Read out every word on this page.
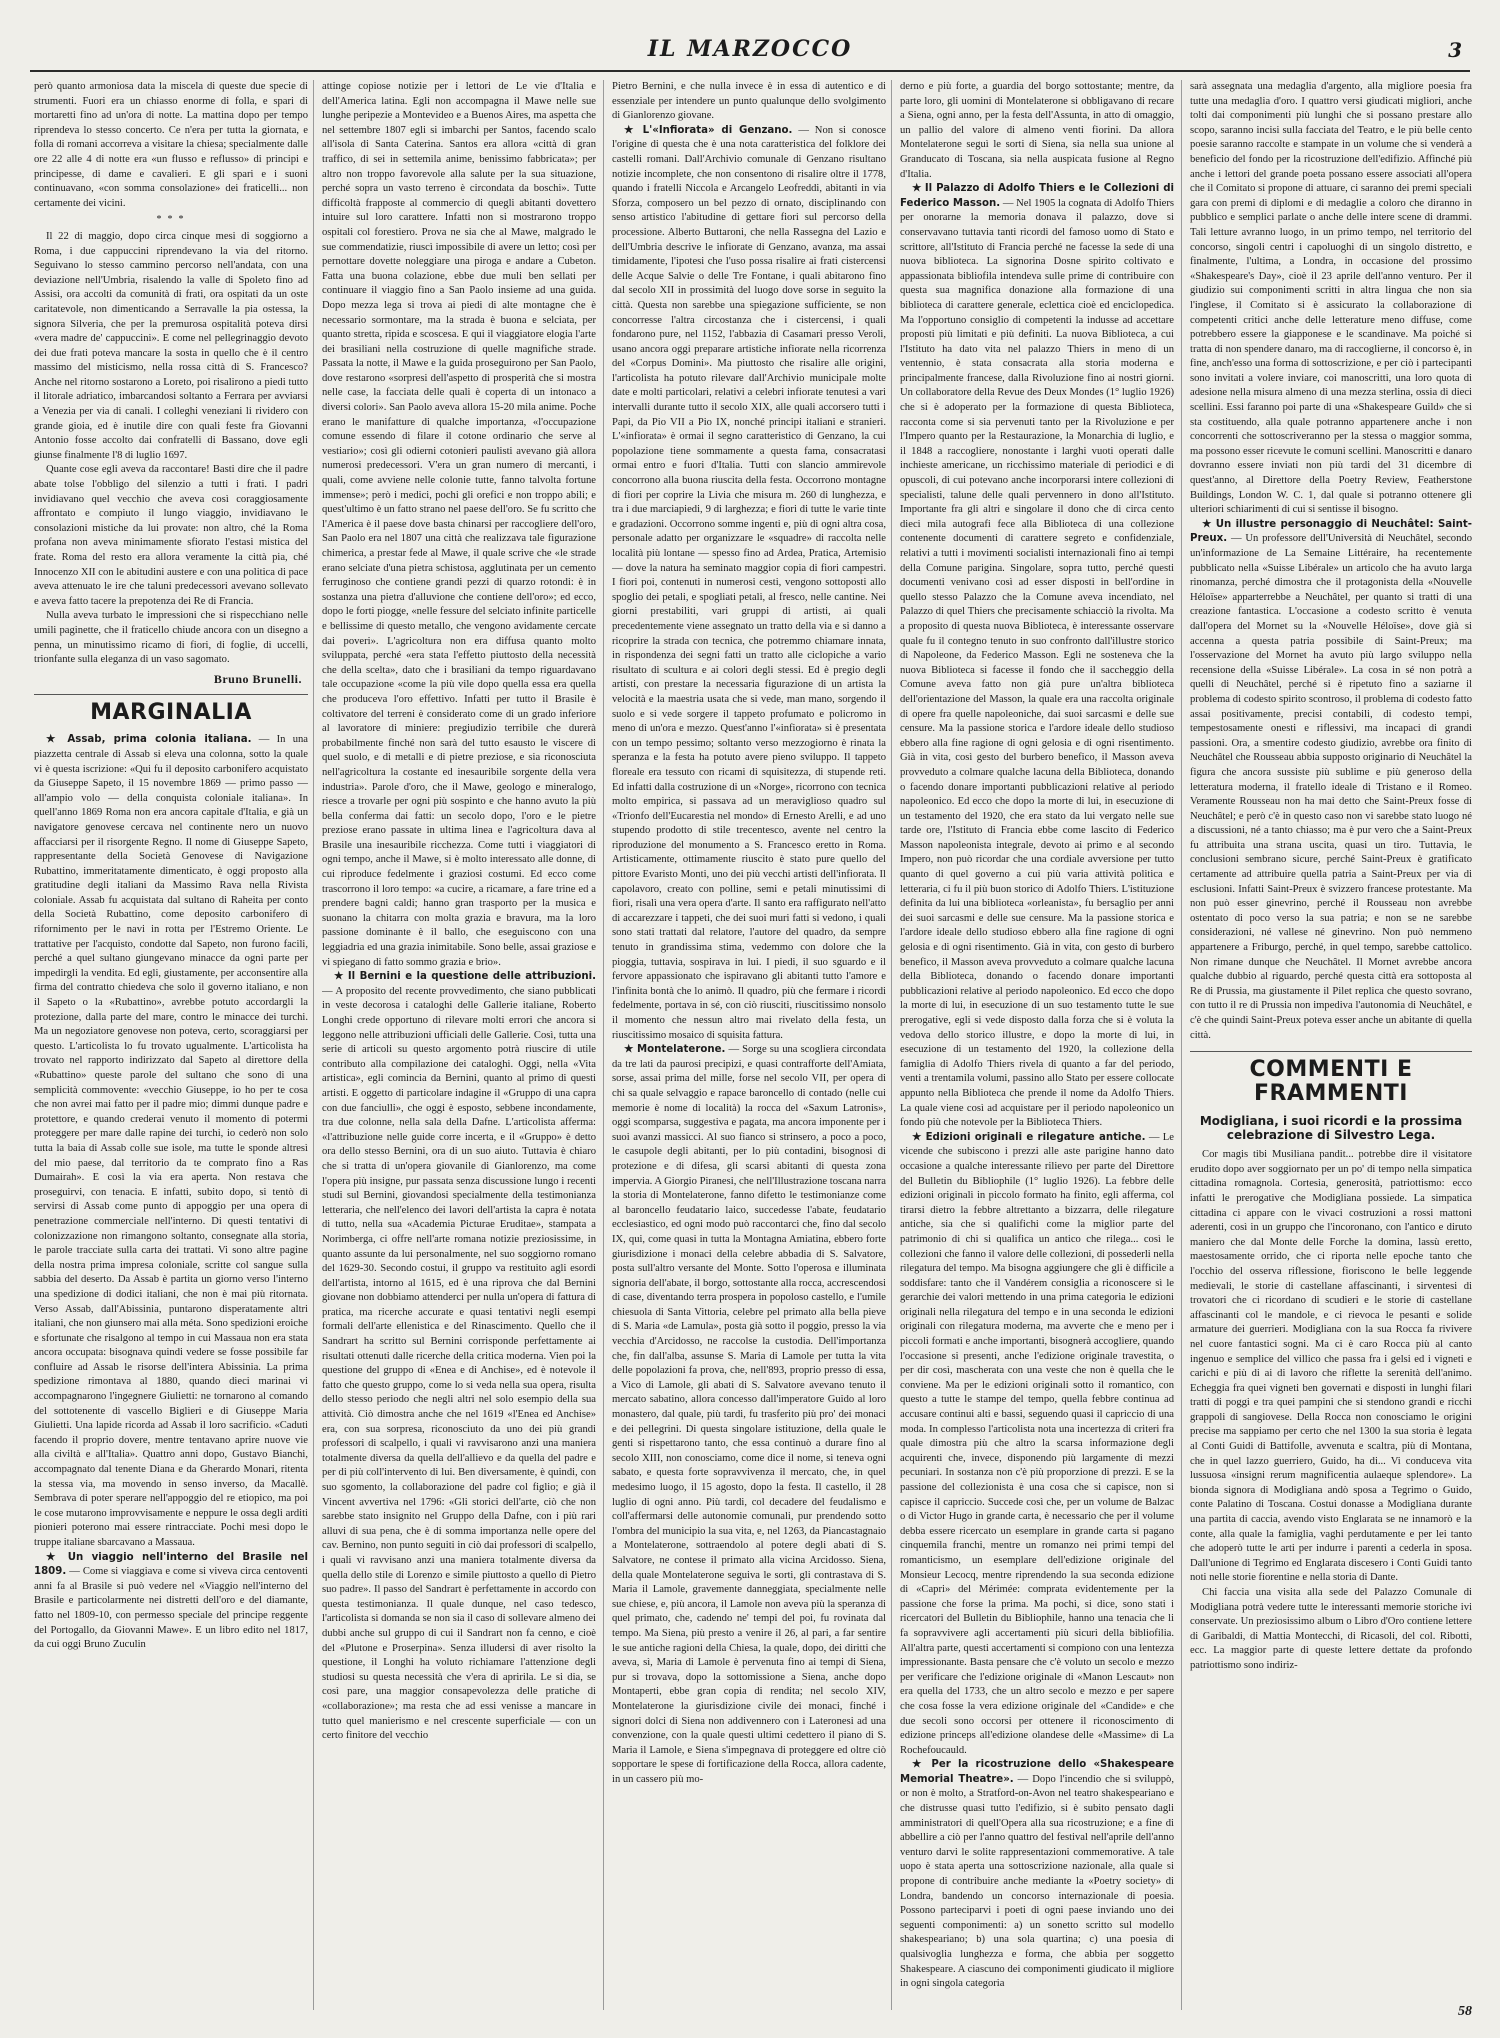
IL MARZOCCO	3

però quanto armoniosa data la miscela di queste due specie di strumenti. Fuori era un chiasso enorme di folla, e spari di mortaretti fino ad un'ora di notte. La mattina dopo per tempo riprendeva lo stesso concerto. Ce n'era per tutta la giornata, e folla di romani accorreva a visitare la chiesa; specialmente dalle ore 22 alle 4 di notte era «un flusso e reflusso» di principi e principesse, di dame e cavalieri. E gli spari e i suoni continuavano, «con somma consolazione» dei fraticelli... non certamente dei vicini.

* * *

Il 22 di maggio, dopo circa cinque mesi di soggiorno a Roma, i due cappuccini riprendevano la via del ritorno. Seguivano lo stesso cammino percorso nell'andata, con una deviazione nell'Umbria, risalendo la valle di Spoleto fino ad Assisi, ora accolti da comunità di frati, ora ospitati da un oste caritatevole, non dimenticando a Serravalle la pia ostessa, la signora Silveria, che per la premurosa ospitalità poteva dirsi «vera madre de' cappuccini». E come nel pellegrinaggio devoto dei due frati poteva mancare la sosta in quello che è il centro massimo del misticismo, nella rossa città di S. Francesco? Anche nel ritorno sostarono a Loreto, poi risalirono a piedi tutto il litorale adriatico, imbarcandosi soltanto a Ferrara per avviarsi a Venezia per via di canali. I colleghi veneziani li rividero con grande gioia, ed è inutile dire con quali feste fra Giovanni Antonio fosse accolto dai confratelli di Bassano, dove egli giunse finalmente l'8 di luglio 1697.

Quante cose egli aveva da raccontare! Basti dire che il padre abate tolse l'obbligo del silenzio a tutti i frati. I padri invidiavano quel vecchio che aveva così coraggiosamente affrontato e compiuto il lungo viaggio, invidiavano le consolazioni mistiche da lui provate: non altro, ché la Roma profana non aveva minimamente sfiorato l'estasi mistica del frate. Roma del resto era allora veramente la città pia, ché Innocenzo XII con le abitudini austere e con una politica di pace aveva attenuato le ire che taluni predecessori avevano sollevato e aveva fatto tacere la prepotenza dei Re di Francia.

Nulla aveva turbato le impressioni che si rispecchiano nelle umili paginette, che il fraticello chiude ancora con un disegno a penna, un minutissimo ricamo di fiori, di foglie, di uccelli, trionfante sulla eleganza di un vaso sagomato.

Bruno Brunelli.
MARGINALIA

★ Assab, prima colonia italiana. — In una piazzetta centrale di Assab si eleva una colonna, sotto la quale vi è questa iscrizione: «Qui fu il deposito carbonifero acquistato da Giuseppe Sapeto, il 15 novembre 1869 — primo passo — all'ampio volo — della conquista coloniale italiana». In quell'anno 1869 Roma non era ancora capitale d'Italia, e già un navigatore genovese cercava nel continente nero un nuovo affacciarsi per il risorgente Regno. Il nome di Giuseppe Sapeto, rappresentante della Società Genovese di Navigazione Rubattino, immeritatamente dimenticato, è oggi proposto alla gratitudine degli italiani da Massimo Rava nella Rivista coloniale. Assab fu acquistata dal sultano di Raheita per conto della Società Rubattino, come deposito carbonifero di rifornimento per le navi in rotta per l'Estremo Oriente. Le trattative per l'acquisto, condotte dal Sapeto, non furono facili, perché a quel sultano giungevano minacce da ogni parte per impedirgli la vendita. Ed egli, giustamente, per acconsentire alla firma del contratto chiedeva che solo il governo italiano, e non il Sapeto o la «Rubattino», avrebbe potuto accordargli la protezione, dalla parte del mare, contro le minacce dei turchi. Ma un negoziatore genovese non poteva, certo, scoraggiarsi per questo. L'articolista lo fu trovato ugualmente. L'articolista ha trovato nel rapporto indirizzato dal Sapeto al direttore della «Rubattino» queste parole del sultano che sono di una semplicità commovente: «vecchio Giuseppe, io ho per te cosa che non avrei mai fatto per il padre mio; dimmi dunque padre e protettore, e quando crederai venuto il momento di potermi proteggere per mare dalle rapine dei turchi, io cederò non solo tutta la baia di Assab colle sue isole, ma tutte le sponde altresì del mio paese, dal territorio da te comprato fino a Ras Dumairah». E così la via era aperta. Non restava che proseguirvi, con tenacia. E infatti, subito dopo, si tentò di servirsi di Assab come punto di appoggio per una opera di penetrazione commerciale nell'interno. Di questi tentativi di colonizzazione non rimangono soltanto, consegnate alla storia, le parole tracciate sulla carta dei trattati. Vi sono altre pagine della nostra prima impresa coloniale, scritte col sangue sulla sabbia del deserto. Da Assab è partita un giorno verso l'interno una spedizione di dodici italiani, che non è mai più ritornata. Verso Assab, dall'Abissinia, puntarono disperatamente altri italiani, che non giunsero mai alla méta. Sono spedizioni eroiche e sfortunate che risalgono al tempo in cui Massaua non era stata ancora occupata: bisognava quindi vedere se fosse possibile far confluire ad Assab le risorse dell'intera Abissinia. La prima spedizione rimontava al 1880, quando dieci marinai vi accompagnarono l'ingegnere Giulietti: ne tornarono al comando del sottotenente di vascello Biglieri e di Giuseppe Maria Giulietti. Una lapide ricorda ad Assab il loro sacrificio. «Caduti facendo il proprio dovere, mentre tentavano aprire nuove vie alla civiltà e all'Italia». Quattro anni dopo, Gustavo Bianchi, accompagnato dal tenente Diana e da Gherardo Monari, ritenta la stessa via, ma movendo in senso inverso, da Macallè. Sembrava di poter sperare nell'appoggio del re etiopico, ma poi le cose mutarono improvvisamente e neppure le ossa degli arditi pionieri poterono mai essere rintracciate. Pochi mesi dopo le truppe italiane sbarcavano a Massaua.

★ Un viaggio nell'interno del Brasile nel 1809. — Come si viaggiava e come si viveva circa centoventi anni fa al Brasile si può vedere nel «Viaggio nell'interno del Brasile e particolarmente nei distretti dell'oro e del diamante, fatto nel 1809-10, con permesso speciale del principe reggente del Portogallo, da Giovanni Mawe». E un libro edito nel 1817, da cui oggi Bruno Zuculin

attinge copiose notizie per i lettori de Le vie d'Italia e dell'America latina. Egli non accompagna il Mawe nelle sue lunghe peripezie a Montevideo e a Buenos Aires, ma aspetta che nel settembre 1807 egli si imbarchi per Santos, facendo scalo all'isola di Santa Caterina. Santos era allora «città di gran traffico, di sei in settemila anime, benissimo fabbricata»; per altro non troppo favorevole alla salute per la sua situazione, perché sopra un vasto terreno è circondata da boschi». Tutte difficoltà frapposte al commercio di quegli abitanti dovettero intuire sul loro carattere. Infatti non si mostrarono troppo ospitali col forestiero. Prova ne sia che al Mawe, malgrado le sue commendatizie, riuscì impossibile di avere un letto; così per pernottare dovette noleggiare una piroga e andare a Cubeton. Fatta una buona colazione, ebbe due muli ben sellati per continuare il viaggio fino a San Paolo insieme ad una guida. Dopo mezza lega si trova ai piedi di alte montagne che è necessario sormontare, ma la strada è buona e selciata, per quanto stretta, ripida e scoscesa. E qui il viaggiatore elogia l'arte dei brasiliani nella costruzione di quelle magnifiche strade. Passata la notte, il Mawe e la guida proseguirono per San Paolo, dove restarono «sorpresi dell'aspetto di prosperità che si mostra nelle case, la facciata delle quali è coperta di un intonaco a diversi colori». San Paolo aveva allora 15-20 mila anime. Poche erano le manifatture di qualche importanza, «l'occupazione comune essendo di filare il cotone ordinario che serve al vestiario»; così gli odierni cotonieri paulisti avevano già allora numerosi predecessori. V'era un gran numero di mercanti, i quali, come avviene nelle colonie tutte, fanno talvolta fortune immense»; però i medici, pochi gli orefici e non troppo abili; e quest'ultimo è un fatto strano nel paese dell'oro. Se fu scritto che l'America è il paese dove basta chinarsi per raccogliere dell'oro, San Paolo era nel 1807 una città che realizzava tale figurazione chimerica, a prestar fede al Mawe, il quale scrive che «le strade erano selciate d'una pietra schistosa, agglutinata per un cemento ferruginoso che contiene grandi pezzi di quarzo rotondi: è in sostanza una pietra d'alluvione che contiene dell'oro»; ed ecco, dopo le forti piogge, «nelle fessure del selciato infinite particelle e bellissime di questo metallo, che vengono avidamente cercate dai poveri». L'agricoltura non era diffusa quanto molto sviluppata, perché «era stata l'effetto piuttosto della necessità che della scelta», dato che i brasiliani da tempo riguardavano tale occupazione «come la più vile dopo quella essa era quella che produceva l'oro effettivo. Infatti per tutto il Brasile è coltivatore del terreni è considerato come di un grado inferiore al lavoratore di miniere: pregiudizio terribile che durerà probabilmente finché non sarà del tutto esausto le viscere di quel suolo, e di metalli e di pietre preziose, e sia riconosciuta nell'agricoltura la costante ed inesauribile sorgente della vera industria». Parole d'oro, che il Mawe, geologo e mineralogo, riesce a trovarle per ogni più sospinto e che hanno avuto la più bella conferma dai fatti: un secolo dopo, l'oro e le pietre preziose erano passate in ultima linea e l'agricoltura dava al Brasile una inesauribile ricchezza. Come tutti i viaggiatori di ogni tempo, anche il Mawe, si è molto interessato alle donne, di cui riproduce fedelmente i graziosi costumi. Ed ecco come trascorrono il loro tempo: «a cucire, a ricamare, a fare trine ed a prendere bagni caldi; hanno gran trasporto per la musica e suonano la chitarra con molta grazia e bravura, ma la loro passione dominante è il ballo, che eseguiscono con una leggiadria ed una grazia inimitabile. Sono belle, assai graziose e vi spiegano di fatto sommo grazia e brio».

★ Il Bernini e la questione delle attribuzioni. — A proposito del recente provvedimento, che siano pubblicati in veste decorosa i cataloghi delle Gallerie italiane, Roberto Longhi crede opportuno di rilevare molti errori che ancora si leggono nelle attribuzioni ufficiali delle Gallerie. Così, tutta una serie di articoli su questo argomento potrà riuscire di utile contributo alla compilazione dei cataloghi. Oggi, nella «Vita artistica», egli comincia da Bernini, quanto al primo di questi artisti. E oggetto di particolare indagine il «Gruppo di una capra con due fanciulli», che oggi è esposto, sebbene incondamente, tra due colonne, nella sala della Dafne. L'articolista afferma: «l'attribuzione nelle guide corre incerta, e il «Gruppo» è detto ora dello stesso Bernini, ora di un suo aiuto. Tuttavia è chiaro che si tratta di un'opera giovanile di Gianlorenzo, ma come l'opera più insigne, pur passata senza discussione lungo i recenti studi sul Bernini, giovandosi specialmente della testimonianza letteraria, che nell'elenco dei lavori dell'artista la capra è notata di tutto, nella sua «Academia Picturae Eruditae», stampata a Norimberga, ci offre nell'arte romana notizie preziosissime, in quanto assunte da lui personalmente, nel suo soggiorno romano del 1629-30. Secondo costui, il gruppo va restituito agli esordi dell'artista, intorno al 1615, ed è una riprova che dal Bernini giovane non dobbiamo attenderci per nulla un'opera di fattura di pratica, ma ricerche accurate e quasi tentativi negli esempi formali dell'arte ellenistica e del Rinascimento. Quello che il Sandrart ha scritto sul Bernini corrisponde perfettamente ai risultati ottenuti dalle ricerche della critica moderna. Vien poi la questione del gruppo di «Enea e di Anchise», ed è notevole il fatto che questo gruppo, come lo si veda nella sua opera, risulta dello stesso periodo che negli altri nel solo esempio della sua attività. Ciò dimostra anche che nel 1619 «l'Enea ed Anchise» era, con sua sorpresa, riconosciuto da uno dei più grandi professori di scalpello, i quali vi ravvisarono anzi una maniera totalmente diversa da quella dell'allievo e da quella del padre e per di più coll'intervento di lui. Ben diversamente, è quindi, con suo sgomento, la collaborazione del padre col figlio; e già il Vincent avvertiva nel 1796: «Gli storici dell'arte, ciò che non sarebbe stato insignito nel Gruppo della Dafne, con i più rari alluvi di sua pena, che è di somma importanza nelle opere del cav. Bernino, non punto seguiti in ciò dai professori di scalpello, i quali vi ravvisano anzi una maniera totalmente diversa da quella dello stile di Lorenzo e simile piuttosto a quello di Pietro suo padre». Il passo del Sandrart è perfettamente in accordo con questa testimonianza. Il quale dunque, nel caso tedesco, l'articolista si domanda se non sia il caso di sollevare almeno dei dubbi anche sul gruppo di cui il Sandrart non fa cenno, e cioè del «Plutone e Proserpina». Senza illudersi di aver risolto la questione, il Longhi ha voluto richiamare l'attenzione degli studiosi su questa necessità che v'era di apririla. Le si dia, se così pare, una maggior consapevolezza delle pratiche di «collaborazione»; ma resta che ad essi venisse a mancare in tutto quel manierismo e nel crescente superficiale — con un certo finitore del vecchio

Pietro Bernini, e che nulla invece è in essa di autentico e di essenziale per intendere un punto qualunque dello svolgimento di Gianlorenzo giovane.

★ L'«Infiorata» di Genzano. — Non si conosce l'origine di questa che è una nota caratteristica del folklore dei castelli romani. Dall'Archivio comunale di Genzano risultano notizie incomplete, che non consentono di risalire oltre il 1778, quando i fratelli Niccola e Arcangelo Leofreddi, abitanti in via Sforza, composero un bel pezzo di ornato, disciplinando con senso artistico l'abitudine di gettare fiori sul percorso della processione. Alberto Buttaroni, che nella Rassegna del Lazio e dell'Umbria descrive le infiorate di Genzano, avanza, ma assai timidamente, l'ipotesi che l'uso possa risalire ai frati cistercensi delle Acque Salvie o delle Tre Fontane, i quali abitarono fino dal secolo XII in prossimità del luogo dove sorse in seguito la città. Questa non sarebbe una spiegazione sufficiente, se non concorresse l'altra circostanza che i cistercensi, i quali fondarono pure, nel 1152, l'abbazia di Casamari presso Veroli, usano ancora oggi preparare artistiche infiorate nella ricorrenza del «Corpus Domini». Ma piuttosto che risalire alle origini, l'articolista ha potuto rilevare dall'Archivio municipale molte date e molti particolari, relativi a celebri infiorate tenutesi a vari intervalli durante tutto il secolo XIX, alle quali accorsero tutti i Papi, da Pio VII a Pio IX, nonché principi italiani e stranieri. L'«infiorata» è ormai il segno caratteristico di Genzano, la cui popolazione tiene sommamente a questa fama, consacratasi ormai entro e fuori d'Italia. Tutti con slancio ammirevole concorrono alla buona riuscita della festa. Occorrono montagne di fiori per coprire la Livia che misura m. 260 di lunghezza, e tra i due marciapiedi, 9 di larghezza; e fiori di tutte le varie tinte e gradazioni. Occorrono somme ingenti e, più di ogni altra cosa, personale adatto per organizzare le «squadre» di raccolta nelle località più lontane — spesso fino ad Ardea, Pratica, Artemisio — dove la natura ha seminato maggior copia di fiori campestri. I fiori poi, contenuti in numerosi cesti, vengono sottoposti allo spoglio dei petali, e spogliati petali, al fresco, nelle cantine. Nei giorni prestabiliti, vari gruppi di artisti, ai quali precedentemente viene assegnato un tratto della via e si danno a ricoprire la strada con tecnica, che potremmo chiamare innata, in rispondenza dei segni fatti un tratto alle ciclopiche a vario risultato di scultura e ai colori degli stessi. Ed è pregio degli artisti, con prestare la necessaria figurazione di un artista la velocità e la maestria usata che si vede, man mano, sorgendo il suolo e si vede sorgere il tappeto profumato e policromo in meno di un'ora e mezzo. Quest'anno l'«infiorata» si è presentata con un tempo pessimo; soltanto verso mezzogiorno è rinata la speranza e la festa ha potuto avere pieno sviluppo. Il tappeto floreale era tessuto con ricami di squisitezza, di stupende reti. Ed infatti dalla costruzione di un «Norge», ricorrono con tecnica molto empirica, si passava ad un meraviglioso quadro sul «Trionfo dell'Eucarestia nel mondo» di Ernesto Arelli, e ad uno stupendo prodotto di stile trecentesco, avente nel centro la riproduzione del monumento a S. Francesco eretto in Roma. Artisticamente, ottimamente riuscito è stato pure quello del pittore Evaristo Monti, uno dei più vecchi artisti dell'infiorata. Il capolavoro, creato con polline, semi e petali minutissimi di fiori, risalì una vera opera d'arte. Il santo era raffigurato nell'atto di accarezzare i tappeti, che dei suoi muri fatti si vedono, i quali sono stati trattati dal relatore, l'autore del quadro, da sempre tenuto in grandissima stima, vedemmo con dolore che la pioggia, tuttavia, sospirava in lui. I piedi, il suo sguardo e il fervore appassionato che ispiravano gli abitanti tutto l'amore e l'infinita bontà che lo animò. Il quadro, più che fermare i ricordi fedelmente, portava in sé, con ciò riusciti, riuscitissimo nonsolo il momento che nessun altro mai rivelato della festa, un riuscitissimo mosaico di squisita fattura.

★ Montelaterone. — Sorge su una scogliera circondata da tre lati da paurosi precipizi, e quasi contrafforte dell'Amiata, sorse, assai prima del mille, forse nel secolo VII, per opera di chi sa quale selvaggio e rapace baroncello di contado (nelle cui memorie è nome di località) la rocca del «Saxum Latronis», oggi scomparsa, suggestiva e pagata, ma ancora imponente per i suoi avanzi massicci. Al suo fianco si strinsero, a poco a poco, le casupole degli abitanti, per lo più contadini, bisognosi di protezione e di difesa, gli scarsi abitanti di questa zona impervia. A Giorgio Piranesi, che nell'Illustrazione toscana narra la storia di Montelaterone, fanno difetto le testimonianze come al baroncello feudatario laico, succedesse l'abate, feudatario ecclesiastico, ed ogni modo può raccontarci che, fino dal secolo IX, qui, come quasi in tutta la Montagna Amiatina, ebbero forte giurisdizione i monaci della celebre abbadia di S. Salvatore, posta sull'altro versante del Monte. Sotto l'operosa e illuminata signoria dell'abate, il borgo, sottostante alla rocca, accrescendosi di case, diventando terra prospera in popoloso castello, e l'umile chiesuola di Santa Vittoria, celebre pel primato alla bella pieve di S. Maria «de Lamula», posta già sotto il poggio, presso la via vecchia d'Arcidosso, ne raccolse la custodia. Dell'importanza che, fin dall'alba, assunse S. Maria di Lamole per tutta la vita delle popolazioni fa prova, che, nell'893, proprio presso di essa, a Vico di Lamole, gli abati di S. Salvatore avevano tenuto il mercato sabatino, allora concesso dall'imperatore Guido al loro monastero, dal quale, più tardi, fu trasferito più pro' dei monaci e dei pellegrini. Di questa singolare istituzione, della quale le genti si rispettarono tanto, che essa continuò a durare fino al secolo XIII, non conosciamo, come dice il nome, si teneva ogni sabato, e questa forte sopravvivenza il mercato, che, in quel medesimo luogo, il 15 agosto, dopo la festa. Il castello, il 28 luglio di ogni anno. Più tardi, col decadere del feudalismo e coll'affermarsi delle autonomie comunali, pur prendendo sotto l'ombra del municipio la sua vita, e, nel 1263, da Piancastagnaio a Montelaterone, sottraendolo al potere degli abati di S. Salvatore, ne contese il primato alla vicina Arcidosso. Siena, della quale Montelaterone seguiva le sorti, gli contrastava di S. Maria il Lamole, gravemente danneggiata, specialmente nelle sue chiese, e, più ancora, il Lamole non aveva più la speranza di quel primato, che, cadendo ne' tempi del poi, fu rovinata dal tempo. Ma Siena, più presto a venire il 26, al pari, a far sentire le sue antiche ragioni della Chiesa, la quale, dopo, dei diritti che aveva, sì, Maria di Lamole è pervenuta fino ai tempi di Siena, pur si trovava, dopo la sottomissione a Siena, anche dopo Montaperti, ebbe gran copia di rendita; nel secolo XIV, Montelaterone la giurisdizione civile dei monaci, finché i signori dolci di Siena non addivennero con i Lateronesi ad una convenzione, con la quale questi ultimi cedettero il piano di S. Maria il Lamole, e Siena s'impegnava di proteggere ed oltre ciò sopportare le spese di fortificazione della Rocca, allora cadente, in un cassero più mo-

derno e più forte, a guardia del borgo sottostante; mentre, da parte loro, gli uomini di Montelaterone si obbligavano di recare a Siena, ogni anno, per la festa dell'Assunta, in atto di omaggio, un pallio del valore di almeno venti fiorini. Da allora Montelaterone seguì le sorti di Siena, sia nella sua unione al Granducato di Toscana, sia nella auspicata fusione al Regno d'Italia.

★ Il Palazzo di Adolfo Thiers e le Collezioni di Federico Masson. — Nel 1905 la cognata di Adolfo Thiers per onorarne la memoria donava il palazzo, dove si conservavano tuttavia tanti ricordi del famoso uomo di Stato e scrittore, all'Istituto di Francia perché ne facesse la sede di una nuova biblioteca. La signorina Dosne spirito coltivato e appassionata bibliofila intendeva sulle prime di contribuire con questa sua magnifica donazione alla formazione di una biblioteca di carattere generale, eclettica cioè ed enciclopedica. Ma l'opportuno consiglio di competenti la indusse ad accettare proposti più limitati e più definiti. La nuova Biblioteca, a cui l'Istituto ha dato vita nel palazzo Thiers in meno di un ventennio, è stata consacrata alla storia moderna e principalmente francese, dalla Rivoluzione fino ai nostri giorni. Un collaboratore della Revue des Deux Mondes (1° luglio 1926) che si è adoperato per la formazione di questa Biblioteca, racconta come si sia pervenuti tanto per la Rivoluzione e per l'Impero quanto per la Restaurazione, la Monarchia di luglio, e il 1848 a raccogliere, nonostante i larghi vuoti operati dalle inchieste americane, un ricchissimo materiale di periodici e di opuscoli, di cui potevano anche incorporarsi intere collezioni di specialisti, talune delle quali pervennero in dono all'Istituto. Importante fra gli altri e singolare il dono che di circa cento dieci mila autografi fece alla Biblioteca di una collezione contenente documenti di carattere segreto e confidenziale, relativi a tutti i movimenti socialisti internazionali fino ai tempi della Comune parigina. Singolare, sopra tutto, perché questi documenti venivano così ad esser disposti in bell'ordine in quello stesso Palazzo che la Comune aveva incendiato, nel Palazzo di quel Thiers che precisamente schiacciò la rivolta. Ma a proposito di questa nuova Biblioteca, è interessante osservare quale fu il contegno tenuto in suo confronto dall'illustre storico di Napoleone, da Federico Masson. Egli ne sosteneva che la nuova Biblioteca si facesse il fondo che il saccheggio della Comune aveva fatto non già pure un'altra biblioteca dell'orientazione del Masson, la quale era una raccolta originale di opere fra quelle napoleoniche, dai suoi sarcasmi e delle sue censure. Ma la passione storica e l'ardore ideale dello studioso ebbero alla fine ragione di ogni gelosia e di ogni risentimento. Già in vita, così gesto del burbero benefico, il Masson aveva provveduto a colmare qualche lacuna della Biblioteca, donando o facendo donare importanti pubblicazioni relative al periodo napoleonico. Ed ecco che dopo la morte di lui, in esecuzione di un testamento del 1920, che era stato da lui vergato nelle sue tarde ore, l'Istituto di Francia ebbe come lascito di Federico Masson napoleonista integrale, devoto ai primo e al secondo Impero, non può ricordar che una cordiale avversione per tutto quanto di quel governo a cui più varia attività politica e letteraria, ci fu il più buon storico di Adolfo Thiers. L'istituzione definita da lui una biblioteca «orleanista», fu bersaglio per anni dei suoi sarcasmi e delle sue censure. Ma la passione storica e l'ardore ideale dello studioso ebbero alla fine ragione di ogni gelosia e di ogni risentimento. Già in vita, con gesto di burbero benefico, il Masson aveva provveduto a colmare qualche lacuna della Biblioteca, donando o facendo donare importanti pubblicazioni relative al periodo napoleonico. Ed ecco che dopo la morte di lui, in esecuzione di un suo testamento tutte le sue prerogative, egli si vede disposto dalla forza che si è voluta la vedova dello storico illustre, e dopo la morte di lui, in esecuzione di un testamento del 1920, la collezione della famiglia di Adolfo Thiers rivela di quanto a far del periodo, venti a trentamila volumi, passino allo Stato per essere collocate appunto nella Biblioteca che prende il nome da Adolfo Thiers. La quale viene così ad acquistare per il periodo napoleonico un fondo più che notevole per la Biblioteca Thiers.

★ Edizioni originali e rilegature antiche. — Le vicende che subiscono i prezzi alle aste parigine hanno dato occasione a qualche interessante rilievo per parte del Direttore del Bulletin du Bibliophile (1° luglio 1926). La febbre delle edizioni originali in piccolo formato ha finito, egli afferma, col tirarsi dietro la febbre altrettanto a bizzarra, delle rilegature antiche, sia che si qualifichi come la miglior parte del patrimonio di chi si qualifica un antico che rilega... così le collezioni che fanno il valore delle collezioni, di possederli nella rilegatura del tempo. Ma bisogna aggiungere che gli è difficile a soddisfare: tanto che il Vandérem consiglia a riconoscere sì le gerarchie dei valori mettendo in una prima categoria le edizioni originali nella rilegatura del tempo e in una seconda le edizioni originali con rilegatura moderna, ma avverte che e meno per i piccoli formati e anche importanti, bisognerà accogliere, quando l'occasione si presenti, anche l'edizione originale travestita, o per dir così, mascherata con una veste che non è quella che le conviene. Ma per le edizioni originali sotto il romantico, con questo a tutte le stampe del tempo, quella febbre continua ad accusare continui alti e bassi, seguendo quasi il capriccio di una moda. In complesso l'articolista nota una incertezza di criteri fra quale dimostra più che altro la scarsa informazione degli acquirenti che, invece, disponendo più largamente di mezzi pecuniari. In sostanza non c'è più proporzione di prezzi. E se la passione del collezionista è una cosa che si capisce, non si capisce il capriccio. Succede così che, per un volume de Balzac o di Victor Hugo in grande carta, è necessario che per il volume debba essere ricercato un esemplare in grande carta si pagano cinquemila franchi, mentre un romanzo nei primi tempi del romanticismo, un esemplare dell'edizione originale del Monsieur Lecocq, mentre riprendendo la sua seconda edizione di «Capri» del Mérimée: comprata evidentemente per la passione che forse la prima. Ma pochi, si dice, sono stati i ricercatori del Bulletin du Bibliophile, hanno una tenacia che li fa sopravvivere agli accertamenti più sicuri della bibliofilia. All'altra parte, questi accertamenti si compiono con una lentezza impressionante. Basta pensare che c'è voluto un secolo e mezzo per verificare che l'edizione originale di «Manon Lescaut» non era quella del 1733, che un altro secolo e mezzo e per sapere che cosa fosse la vera edizione originale del «Candide» e che due secoli sono occorsi per ottenere il riconoscimento di edizione princeps all'edizione olandese delle «Massime» di La Rochefoucauld.

★ Per la ricostruzione dello «Shakespeare Memorial Theatre». — Dopo l'incendio che si sviluppò, or non è molto, a Stratford-on-Avon nel teatro shakespeariano e che distrusse quasi tutto l'edifizio, si è subito pensato dagli amministratori di quell'Opera alla sua ricostruzione; e a fine di abbellire a ciò per l'anno quattro del festival nell'aprile dell'anno venturo darvi le solite rappresentazioni commemorative. A tale uopo è stata aperta una sottoscrizione nazionale, alla quale si propone di contribuire anche mediante la «Poetry society» di Londra, bandendo un concorso internazionale di poesia. Possono parteciparvi i poeti di ogni paese inviando uno dei seguenti componimenti: a) un sonetto scritto sul modello shakespeariano; b) una sola quartina; c) una poesia di qualsivoglia lunghezza e forma, che abbia per soggetto Shakespeare. A ciascuno dei componimenti giudicato il migliore in ogni singola categoria

sarà assegnata una medaglia d'argento, alla migliore poesia fra tutte una medaglia d'oro. I quattro versi giudicati migliori, anche tolti dai componimenti più lunghi che si possano prestare allo scopo, saranno incisi sulla facciata del Teatro, e le più belle cento poesie saranno raccolte e stampate in un volume che si venderà a beneficio del fondo per la ricostruzione dell'edifizio. Affinché più anche i lettori del grande poeta possano essere associati all'opera che il Comitato si propone di attuare, ci saranno dei premi speciali gara con premi di diplomi e di medaglie a coloro che diranno in pubblico e semplici parlate o anche delle intere scene di drammi. Tali letture avranno luogo, in un primo tempo, nel territorio del concorso, singoli centri i capoluoghi di un singolo distretto, e finalmente, l'ultima, a Londra, in occasione del prossimo «Shakespeare's Day», cioè il 23 aprile dell'anno venturo. Per il giudizio sui componimenti scritti in altra lingua che non sia l'inglese, il Comitato si è assicurato la collaborazione di competenti critici anche delle letterature meno diffuse, come potrebbero essere la giapponese e le scandinave. Ma poiché si tratta di non spendere danaro, ma di raccoglierne, il concorso è, in fine, anch'esso una forma di sottoscrizione, e per ciò i partecipanti sono invitati a volere inviare, coi manoscritti, una loro quota di adesione nella misura almeno di una mezza sterlina, ossia di dieci scellini. Essi faranno poi parte di una «Shakespeare Guild» che si sta costituendo, alla quale potranno appartenere anche i non concorrenti che sottoscriveranno per la stessa o maggior somma, ma possono esser ricevute le comuni scellini. Manoscritti e danaro dovranno essere inviati non più tardi del 31 dicembre di quest'anno, al Direttore della Poetry Review, Featherstone Buildings, London W. C. 1, dal quale si potranno ottenere gli ulteriori schiarimenti di cui si sentisse il bisogno.

★ Un illustre personaggio di Neuchâtel: Saint-Preux. — Un professore dell'Università di Neuchâtel, secondo un'informazione de La Semaine Littéraire, ha recentemente pubblicato nella «Suisse Libérale» un articolo che ha avuto larga rinomanza, perché dimostra che il protagonista della «Nouvelle Héloïse» apparterrebbe a Neuchâtel, per quanto si tratti di una creazione fantastica. L'occasione a codesto scritto è venuta dall'opera del Mornet su la «Nouvelle Héloïse», dove già si accenna a questa patria possibile di Saint-Preux; ma l'osservazione del Mornet ha avuto più largo sviluppo nella recensione della «Suisse Libérale». La cosa in sé non potrà a quelli di Neuchâtel, perché si è ripetuto fino a saziarne il problema di codesto spirito scontroso, il problema di codesto fatto assai positivamente, precisi contabili, di codesto tempi, tempestosamente onesti e riflessivi, ma incapaci di grandi passioni. Ora, a smentire codesto giudizio, avrebbe ora finito di Neuchâtel che Rousseau abbia supposto originario di Neuchâtel la figura che ancora sussiste più sublime e più generoso della letteratura moderna, il fratello ideale di Tristano e il Romeo. Veramente Rousseau non ha mai detto che Saint-Preux fosse di Neuchâtel; e però c'è in questo caso non vi sarebbe stato luogo né a discussioni, né a tanto chiasso; ma è pur vero che a Saint-Preux fu attribuita una strana uscita, quasi un tiro. Tuttavia, le conclusioni sembrano sicure, perché Saint-Preux è gratificato certamente ad attribuire quella patria a Saint-Preux per via di esclusioni. Infatti Saint-Preux è svizzero francese protestante. Ma non può esser ginevrino, perché il Rousseau non avrebbe ostentato di poco verso la sua patria; e non se ne sarebbe considerazioni, né vallese né ginevrino. Non può nemmeno appartenere a Friburgo, perché, in quel tempo, sarebbe cattolico. Non rimane dunque che Neuchâtel. Il Mornet avrebbe ancora qualche dubbio al riguardo, perché questa città era sottoposta al Re di Prussia, ma giustamente il Pilet replica che questo sovrano, con tutto il re di Prussia non impediva l'autonomia di Neuchâtel, e c'è che quindi Saint-Preux poteva esser anche un abitante di quella città.

COMMENTI E FRAMMENTI
Modigliana, i suoi ricordi e la prossima celebrazione di Silvestro Lega.

Cor magis tibi Musiliana pandit... potrebbe dire il visitatore erudito dopo aver soggiornato per un po' di tempo nella simpatica cittadina romagnola. Cortesia, generosità, patriottismo: ecco infatti le prerogative che Modigliana possiede. La simpatica cittadina ci appare con le vivaci costruzioni a rossi mattoni aderenti, così in un gruppo che l'incoronano, con l'antico e diruto maniero che dal Monte delle Forche la domina, lassù eretto, maestosamente orrido, che ci riporta nelle epoche tanto che l'occhio del osserva riflessione, fioriscono le belle leggende medievali, le storie di castellane affascinanti, i sirventesi di trovatori che ci ricordano di scudieri e le storie di castellane affascinanti col le mandole, e ci rievoca le pesanti e solide armature dei guerrieri. Modigliana con la sua Rocca fa rivivere nel cuore fantastici sogni. Ma ci è caro Rocca più al canto ingenuo e semplice del villico che passa fra i gelsi ed i vigneti e carichi e più di ai di lavoro che riflette la serenità dell'animo. Echeggia fra quei vigneti ben governati e disposti in lunghi filari tratti di poggi e tra quei pampini che si stendono grandi e ricchi grappoli di sangiovese. Della Rocca non conosciamo le origini precise ma sappiamo per certo che nel 1300 la sua storia è legata al Conti Guidi di Battifolle, avvenuta e scaltra, più di Montana, che in quel lazzo guerriero, Guido, ha di... Vi conduceva vita lussuosa «insigni rerum magnificentia aulaeque splendore». La bionda signora di Modigliana andò sposa a Tegrimo o Guido, conte Palatino di Toscana. Costui donasse a Modigliana durante una partita di caccia, avendo visto Englarata se ne innamorò e la conte, alla quale la famiglia, vaghi perdutamente e per lei tanto che adoperò tutte le arti per indurre i parenti a cederla in sposa. Dall'unione di Tegrimo ed Englarata discesero i Conti Guidi tanto noti nelle storie fiorentine e nella storia di Dante.

Chi faccia una visita alla sede del Palazzo Comunale di Modigliana potrà vedere tutte le interessanti memorie storiche ivi conservate. Un preziosissimo album o Libro d'Oro contiene lettere di Garibaldi, di Mattia Montecchi, di Ricasoli, del col. Ribotti, ecc. La maggior parte di queste lettere dettate da profondo patriottismo sono indiriz-

58
